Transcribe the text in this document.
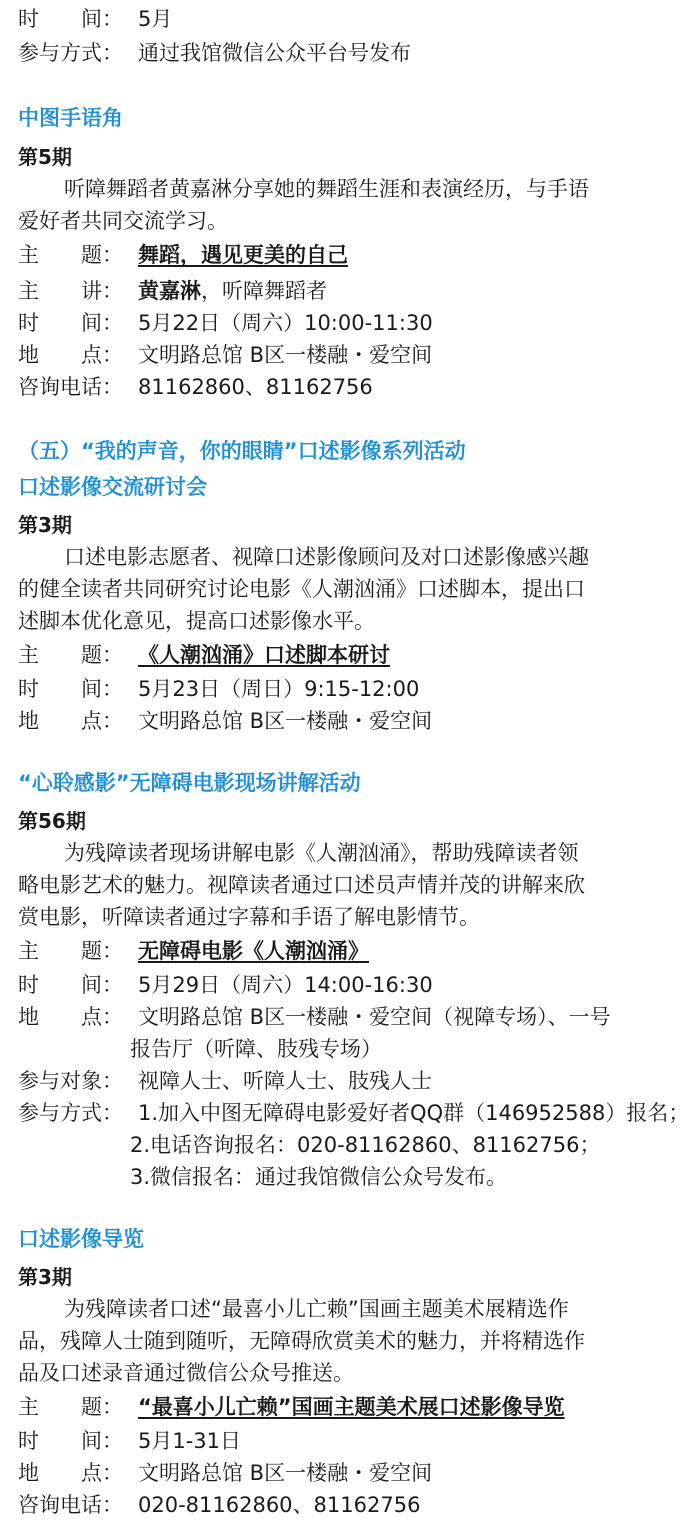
时　　间： 5月
参与方式： 通过我馆微信公众平台号发布
中图手语角
第5期
听障舞蹈者黄嘉淋分享她的舞蹈生涯和表演经历，与手语
爱好者共同交流学习。
主　　题： 舞蹈，遇见更美的自己
主　　讲： 黄嘉淋，听障舞蹈者
时　　间： 5月22日（周六）10:00-11:30
地　　点： 文明路总馆 B区一楼融・爱空间
咨询电话： 81162860、81162756
（五）“我的声音，你的眼睛”口述影像系列活动
口述影像交流研讨会
第3期
口述电影志愿者、视障口述影像顾问及对口述影像感兴趣
的健全读者共同研究讨论电影《人潮汹涌》口述脚本，提出口
述脚本优化意见，提高口述影像水平。
主　　题： 《人潮汹涌》口述脚本研讨
时　　间： 5月23日（周日）9:15-12:00
地　　点： 文明路总馆 B区一楼融・爱空间
“心聆感影”无障碍电影现场讲解活动
第56期
为残障读者现场讲解电影《人潮汹涌》，帮助残障读者领
略电影艺术的魅力。视障读者通过口述员声情并茂的讲解来欣
赏电影，听障读者通过字幕和手语了解电影情节。
主　　题： 无障碍电影《人潮汹涌》
时　　间： 5月29日（周六）14:00-16:30
地　　点： 文明路总馆 B区一楼融・爱空间（视障专场）、一号
报告厅（听障、肢残专场）
参与对象： 视障人士、听障人士、肢残人士
参与方式： 1.加入中图无障碍电影爱好者QQ群（146952588）报名；
2.电话咨询报名：020-81162860、81162756；
3.微信报名：通过我馆微信公众号发布。
口述影像导览
第3期
为残障读者口述“最喜小儿亡赖”国画主题美术展精选作
品，残障人士随到随听，无障碍欣赏美术的魅力，并将精选作
品及口述录音通过微信公众号推送。
主　　题： “最喜小儿亡赖”国画主题美术展口述影像导览
时　　间： 5月1-31日
地　　点： 文明路总馆 B区一楼融・爱空间
咨询电话： 020-81162860、81162756
